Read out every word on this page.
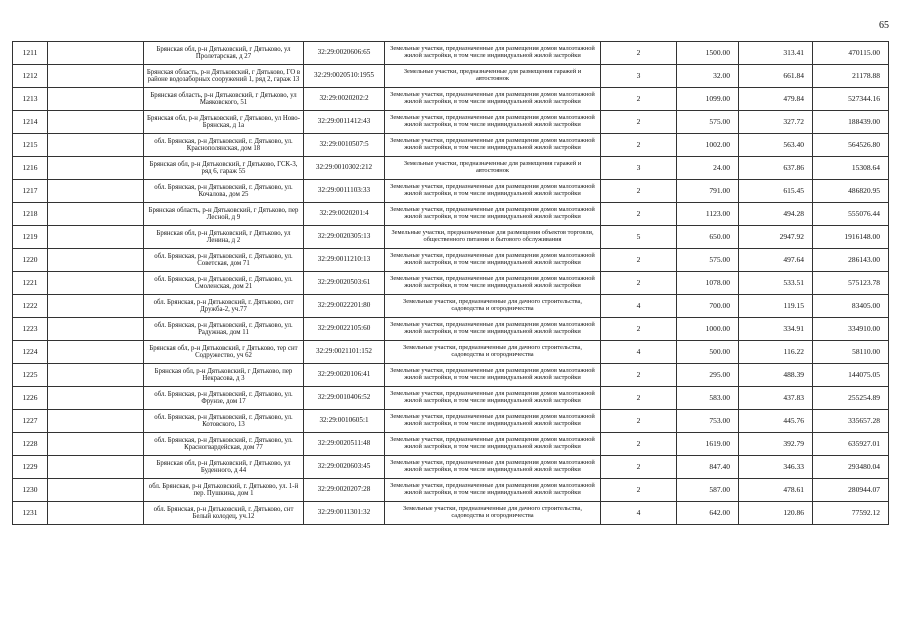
65
1211		Брянская обл, р-н Дятьковский, г Дятьково, ул Пролетарская, д 27	32:29:0020606:65	Земельные участки, предназначенные для размещения домов малоэтажной жилой застройки, в том числе индивидуальной жилой застройки	2	1500.00	313.41	470115.00
1212		Брянская область, р-н Дятьковский, г Дятьково, ГО в районе водозаборных сооружений 1, ряд 2, гараж 13	32:29:0020510:1955	Земельные участки, предназначенные для размещения гаражей и автостоянок	3	32.00	661.84	21178.88
1213		Брянская область, р-н Дятьковский, г Дятьково, ул Маяковского, 51	32:29:0020202:2	Земельные участки, предназначенные для размещения домов малоэтажной жилой застройки, в том числе индивидуальной жилой застройки	2	1099.00	479.84	527344.16
1214		Брянская обл, р-н Дятьковский, г Дятьково, ул Ново-Брянская, д 1а	32:29:0011412:43	Земельные участки, предназначенные для размещения домов малоэтажной жилой застройки, в том числе индивидуальной жилой застройки	2	575.00	327.72	188439.00
1215		обл. Брянская, р-н Дятьковский, г. Дятьково, ул. Краснополянская, дом 18	32:29:0010507:5	Земельные участки, предназначенные для размещения домов малоэтажной жилой застройки, в том числе индивидуальной жилой застройки	2	1002.00	563.40	564526.80
1216		Брянская обл, р-н Дятьковский, г Дятьково, ГСК-3, ряд 6, гараж 55	32:29:0010302:212	Земельные участки, предназначенные для размещения гаражей и автостоянок	3	24.00	637.86	15308.64
1217		обл. Брянская, р-н Дятьковский, г. Дятьково, ул. Кочалова, дом 25	32:29:0011103:33	Земельные участки, предназначенные для размещения домов малоэтажной жилой застройки, в том числе индивидуальной жилой застройки	2	791.00	615.45	486820.95
1218		Брянская область, р-н Дятьковский, г Дятьково, пер Лесной, д 9	32:29:0020201:4	Земельные участки, предназначенные для размещения домов малоэтажной жилой застройки, в том числе индивидуальной жилой застройки	2	1123.00	494.28	555076.44
1219		Брянская обл, р-н Дятьковский, г Дятьково, ул Ленина, д 2	32:29:0020305:13	Земельные участки, предназначенные для размещения объектов торговли, общественного питания и бытового обслуживания	5	650.00	2947.92	1916148.00
1220		обл. Брянская, р-н Дятьковский, г. Дятьково, ул. Советская, дом 71	32:29:0011210:13	Земельные участки, предназначенные для размещения домов малоэтажной жилой застройки, в том числе индивидуальной жилой застройки	2	575.00	497.64	286143.00
1221		обл. Брянская, р-н Дятьковский, г. Дятьково, ул. Смоленская, дом 21	32:29:0020503:61	Земельные участки, предназначенные для размещения домов малоэтажной жилой застройки, в том числе индивидуальной жилой застройки	2	1078.00	533.51	575123.78
1222		обл. Брянская, р-н Дятьковский, г. Дятьково, снт Дружба-2, уч.77	32:29:0022201:80	Земельные участки, предназначенные для дачного строительства, садоводства и огородничества	4	700.00	119.15	83405.00
1223		обл. Брянская, р-н Дятьковский, г. Дятьково, ул. Радужная, дом 11	32:29:0022105:60	Земельные участки, предназначенные для размещения домов малоэтажной жилой застройки, в том числе индивидуальной жилой застройки	2	1000.00	334.91	334910.00
1224		Брянская обл, р-н Дятьковский, г Дятьково, тер снт Содружество, уч 62	32:29:0021101:152	Земельные участки, предназначенные для дачного строительства, садоводства и огородничества	4	500.00	116.22	58110.00
1225		Брянская обл, р-н Дятьковский, г Дятьково, пер Некрасова, д 3	32:29:0020106:41	Земельные участки, предназначенные для размещения домов малоэтажной жилой застройки, в том числе индивидуальной жилой застройки	2	295.00	488.39	144075.05
1226		обл. Брянская, р-н Дятьковский, г. Дятьково, ул. Фрунзе, дом 17	32:29:0010406:52	Земельные участки, предназначенные для размещения домов малоэтажной жилой застройки, в том числе индивидуальной жилой застройки	2	583.00	437.83	255254.89
1227		обл. Брянская, р-н Дятьковский, г. Дятьково, ул. Котовского, 13	32:29:0010605:1	Земельные участки, предназначенные для размещения домов малоэтажной жилой застройки, в том числе индивидуальной жилой застройки	2	753.00	445.76	335657.28
1228		обл. Брянская, р-н Дятьковский, г. Дятьково, ул. Красногвардейская, дом 77	32:29:0020511:48	Земельные участки, предназначенные для размещения домов малоэтажной жилой застройки, в том числе индивидуальной жилой застройки	2	1619.00	392.79	635927.01
1229		Брянская обл, р-н Дятьковский, г Дятьково, ул Буденного, д 44	32:29:0020603:45	Земельные участки, предназначенные для размещения домов малоэтажной жилой застройки, в том числе индивидуальной жилой застройки	2	847.40	346.33	293480.04
1230		обл. Брянская, р-н Дятьковский, г. Дятьково, ул. 1-й пер. Пушкина, дом 1	32:29:0020207:28	Земельные участки, предназначенные для размещения домов малоэтажной жилой застройки, в том числе индивидуальной жилой застройки	2	587.00	478.61	280944.07
1231		обл. Брянская, р-н Дятьковский, г. Дятьково, снт Белый колодец, уч.12	32:29:0011301:32	Земельные участки, предназначенные для дачного строительства, садоводства и огородничества	4	642.00	120.86	77592.12
